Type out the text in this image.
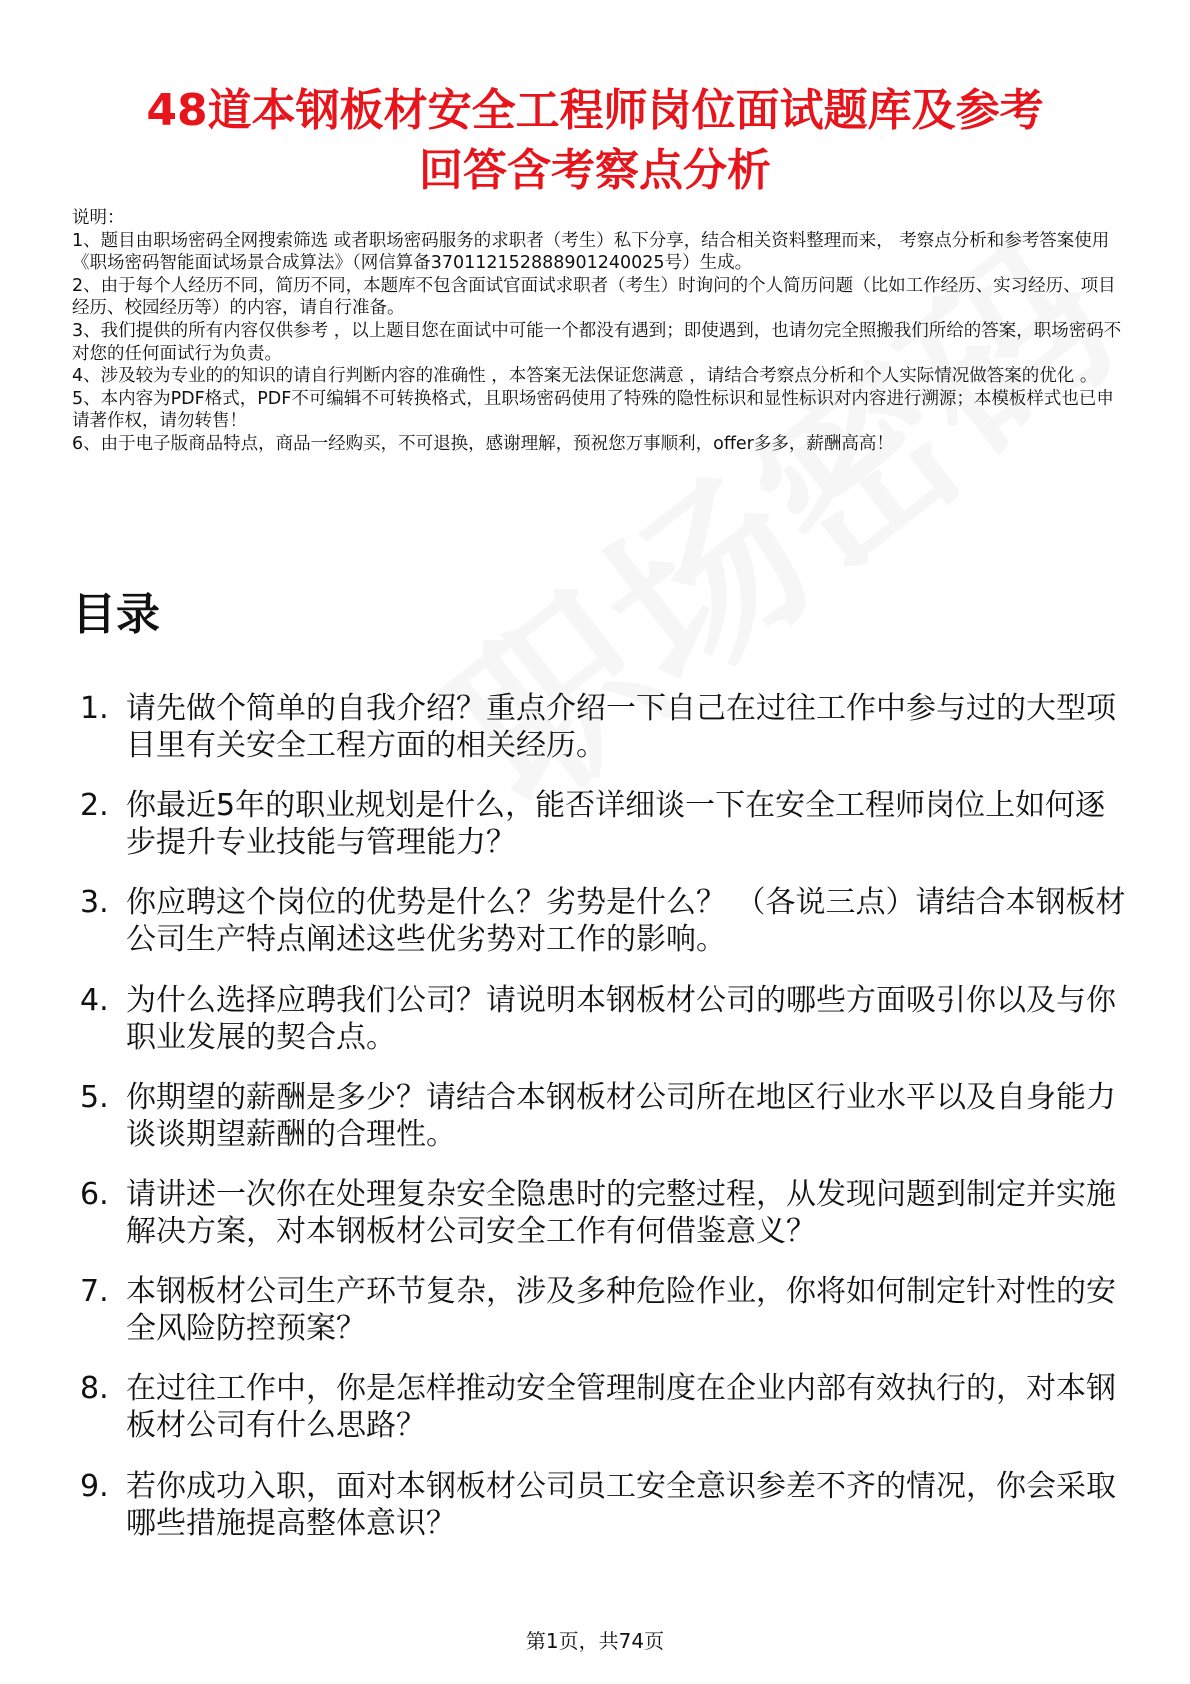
48道本钢板材安全工程师岗位面试题库及参考
回答含考察点分析

说明：

1、题目由职场密码全网搜索筛选 或者职场密码服务的求职者（考生）私下分享，结合相关资料整理而来， 考察点分析和参考答案使用《职场密码智能面试场景合成算法》（网信算备370112152888901240025号）生成。

2、由于每个人经历不同，简历不同，本题库不包含面试官面试求职者（考生）时询问的个人简历问题（比如工作经历、实习经历、项目经历、校园经历等）的内容，请自行准备。

3、我们提供的所有内容仅供参考 ，以上题目您在面试中可能一个都没有遇到；即使遇到，也请勿完全照搬我们所给的答案，职场密码不对您的任何面试行为负责。

4、涉及较为专业的的知识的请自行判断内容的准确性 ，本答案无法保证您满意 ，请结合考察点分析和个人实际情况做答案的优化 。

5、本内容为PDF格式，PDF不可编辑不可转换格式，且职场密码使用了特殊的隐性标识和显性标识对内容进行溯源；本模板样式也已申请著作权，请勿转售！

6、由于电子版商品特点，商品一经购买，不可退换，感谢理解，预祝您万事顺利，offer多多，薪酬高高！

目录
1. 请先做个简单的自我介绍？重点介绍一下自己在过往工作中参与过的大型项目里有关安全工程方面的相关经历。
2. 你最近5年的职业规划是什么，能否详细谈一下在安全工程师岗位上如何逐步提升专业技能与管理能力？
3. 你应聘这个岗位的优势是什么？劣势是什么？ （各说三点）请结合本钢板材公司生产特点阐述这些优劣势对工作的影响。
4. 为什么选择应聘我们公司？请说明本钢板材公司的哪些方面吸引你以及与你职业发展的契合点。
5. 你期望的薪酬是多少？请结合本钢板材公司所在地区行业水平以及自身能力谈谈期望薪酬的合理性。
6. 请讲述一次你在处理复杂安全隐患时的完整过程，从发现问题到制定并实施解决方案，对本钢板材公司安全工作有何借鉴意义？
7. 本钢板材公司生产环节复杂，涉及多种危险作业，你将如何制定针对性的安全风险防控预案？
8. 在过往工作中，你是怎样推动安全管理制度在企业内部有效执行的，对本钢板材公司有什么思路？
9. 若你成功入职，面对本钢板材公司员工安全意识参差不齐的情况，你会采取哪些措施提高整体意识？
第1页，共74页
